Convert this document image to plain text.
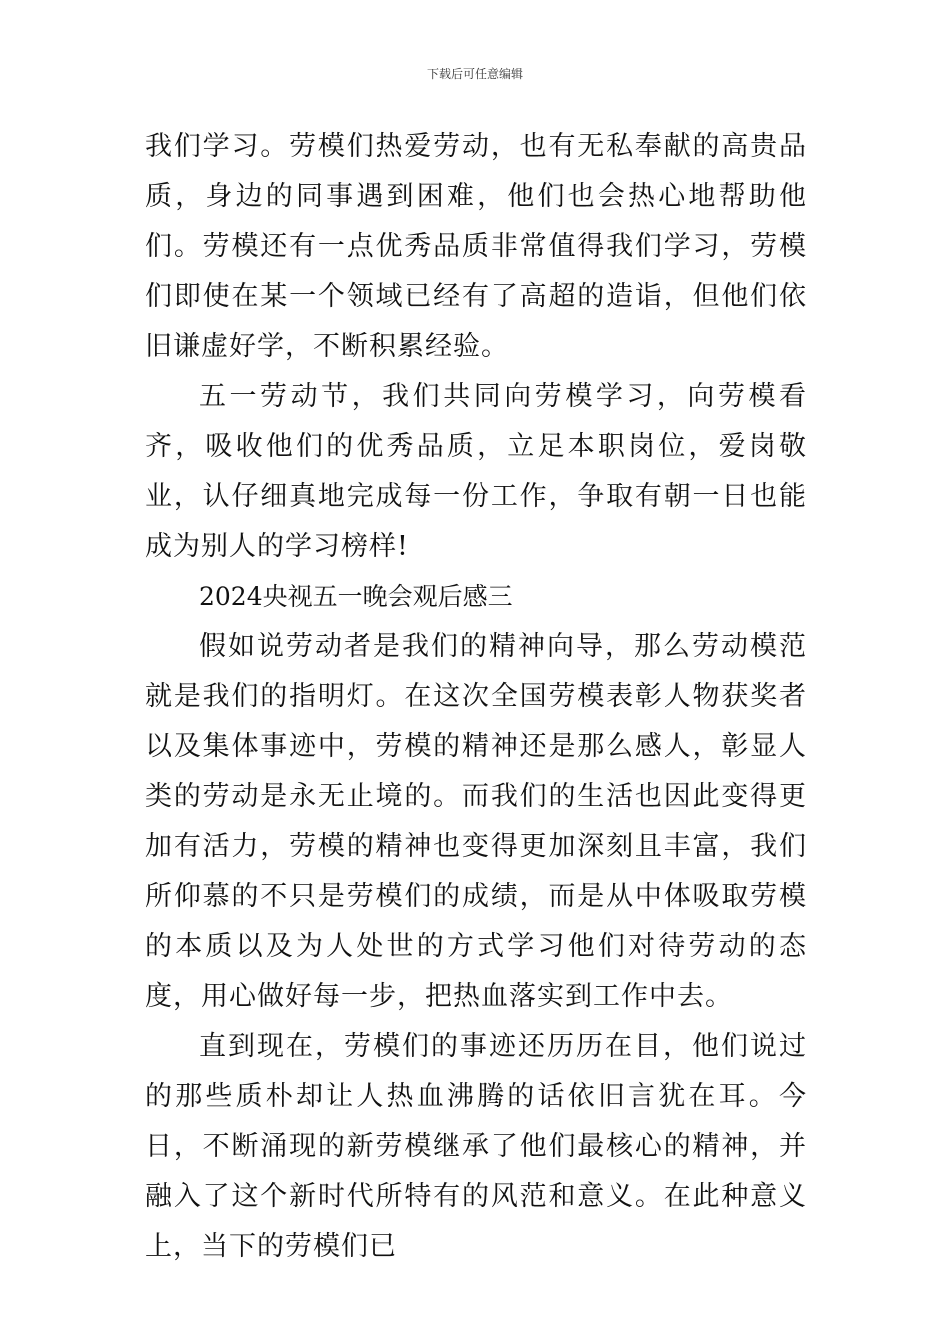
下载后可任意编辑

我们学习。劳模们热爱劳动，也有无私奉献的高贵品质，身边的同事遇到困难，他们也会热心地帮助他们。劳模还有一点优秀品质非常值得我们学习，劳模们即使在某一个领域已经有了高超的造诣，但他们依旧谦虚好学，不断积累经验。

五一劳动节，我们共同向劳模学习，向劳模看齐，吸收他们的优秀品质，立足本职岗位，爱岗敬业，认仔细真地完成每一份工作，争取有朝一日也能成为别人的学习榜样!

2024央视五一晚会观后感三

假如说劳动者是我们的精神向导，那么劳动模范就是我们的指明灯。在这次全国劳模表彰人物获奖者以及集体事迹中，劳模的精神还是那么感人，彰显人类的劳动是永无止境的。而我们的生活也因此变得更加有活力，劳模的精神也变得更加深刻且丰富，我们所仰慕的不只是劳模们的成绩，而是从中体吸取劳模的本质以及为人处世的方式学习他们对待劳动的态度，用心做好每一步，把热血落实到工作中去。

直到现在，劳模们的事迹还历历在目，他们说过的那些质朴却让人热血沸腾的话依旧言犹在耳。今日，不断涌现的新劳模继承了他们最核心的精神，并融入了这个新时代所特有的风范和意义。在此种意义上，当下的劳模们已
